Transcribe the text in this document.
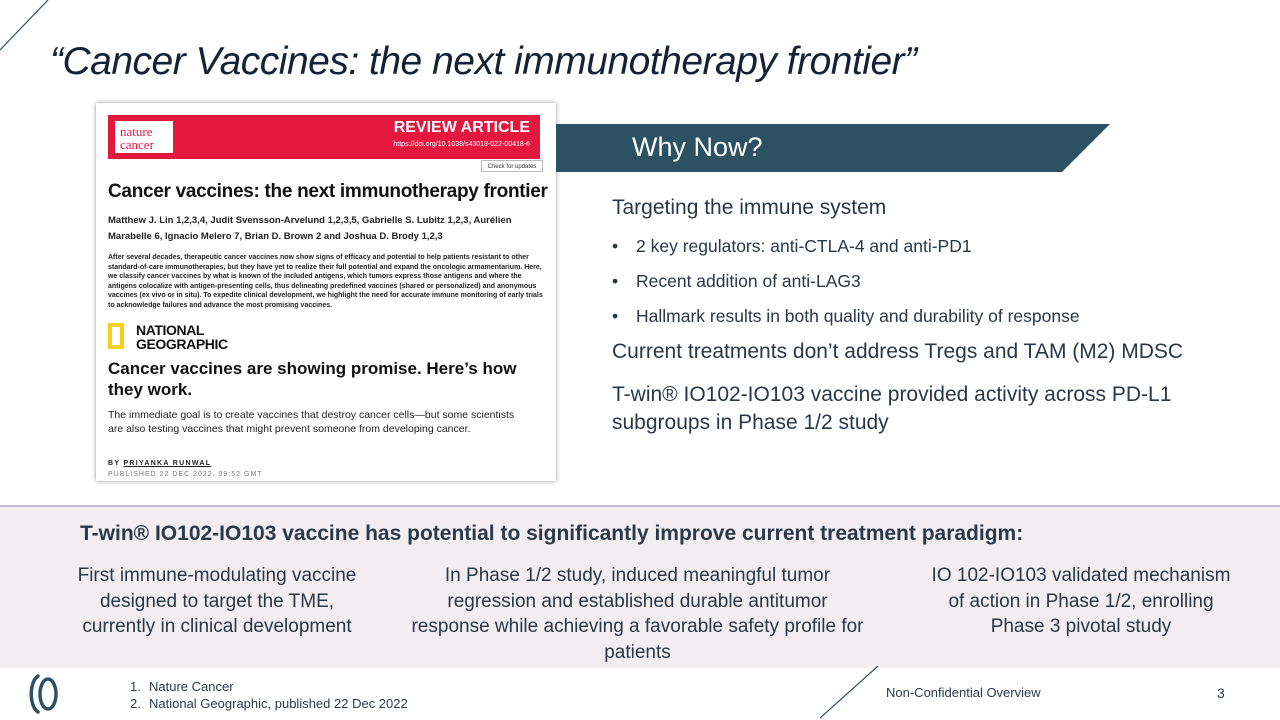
“Cancer Vaccines: the next immunotherapy frontier”
nature
cancer
REVIEW ARTICLE
https://doi.org/10.1038/s43018-022-00418-6
Check for updates
Cancer vaccines: the next immunotherapy frontier
Matthew J. Lin 1,2,3,4, Judit Svensson-Arvelund 1,2,3,5, Gabrielle S. Lubitz 1,2,3, Aurélien Marabelle 6, Ignacio Melero 7, Brian D. Brown 2 and Joshua D. Brody 1,2,3
After several decades, therapeutic cancer vaccines now show signs of efficacy and potential to help patients resistant to other standard-of-care immunotherapies, but they have yet to realize their full potential and expand the oncologic armamentarium. Here, we classify cancer vaccines by what is known of the included antigens, which tumors express those antigens and where the antigens colocalize with antigen-presenting cells, thus delineating predefined vaccines (shared or personalized) and anonymous vaccines (ex vivo or in situ). To expedite clinical development, we highlight the need for accurate immune monitoring of early trials to acknowledge failures and advance the most promising vaccines.
NATIONAL
GEOGRAPHIC
Cancer vaccines are showing promise. Here’s how they work.
The immediate goal is to create vaccines that destroy cancer cells—but some scientists are also testing vaccines that might prevent someone from developing cancer.
BY PRIYANKA RUNWAL
PUBLISHED 22 DEC 2022, 09:52 GMT
Why Now?
Targeting the immune system
•	2 key regulators: anti-CTLA-4 and anti-PD1
•	Recent addition of anti-LAG3
•	Hallmark results in both quality and durability of response
Current treatments don’t address Tregs and TAM (M2) MDSC
T-win® IO102-IO103 vaccine provided activity across PD-L1 subgroups in Phase 1/2 study
T-win® IO102-IO103 vaccine has potential to significantly improve current treatment paradigm:
First immune-modulating vaccine designed to target the TME, currently in clinical development
In Phase 1/2 study, induced meaningful tumor regression and established durable antitumor response while achieving a favorable safety profile for patients
IO 102-IO103 validated mechanism of action in Phase 1/2, enrolling Phase 3 pivotal study
1. Nature Cancer
2. National Geographic, published 22 Dec 2022
Non-Confidential Overview	3
